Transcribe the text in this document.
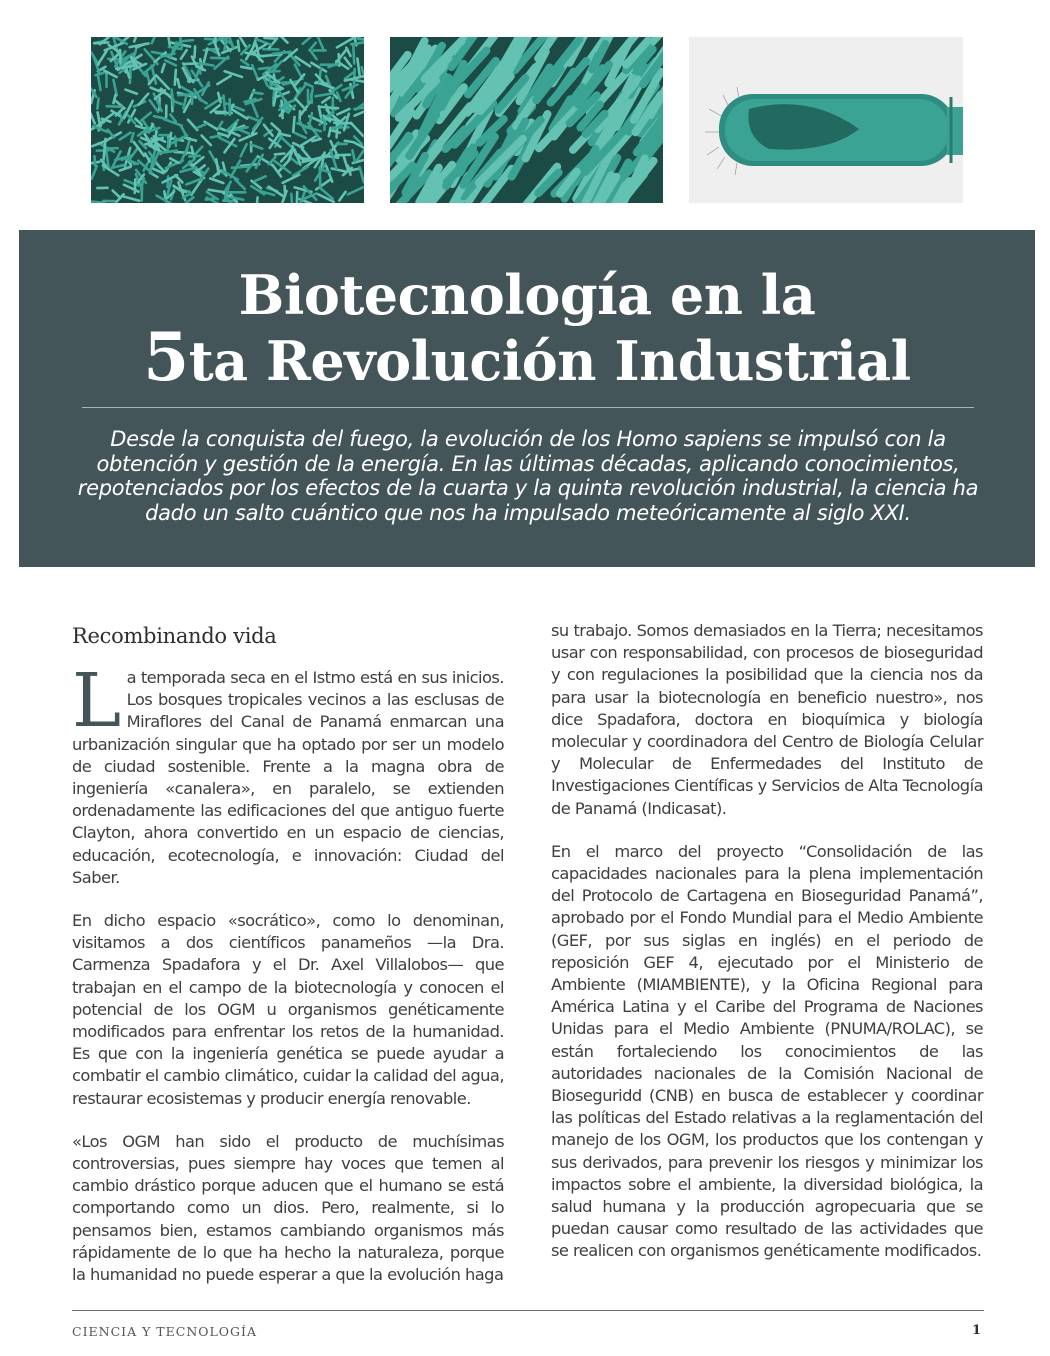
Biotecnología en la
5ta Revolución Industrial

Desde la conquista del fuego, la evolución de los Homo sapiens se impulsó con la obtención y gestión de la energía. En las últimas décadas, aplicando conocimientos, repotenciados por los efectos de la cuarta y la quinta revolución industrial, la ciencia ha dado un salto cuántico que nos ha impulsado meteóricamente al siglo XXI.

Recombinando vida

La temporada seca en el Istmo está en sus inicios. Los bosques tropicales vecinos a las esclusas de Miraflores del Canal de Panamá enmarcan una urbanización singular que ha optado por ser un modelo de ciudad sostenible. Frente a la magna obra de ingeniería «canalera», en paralelo, se extienden ordenadamente las edificaciones del que antiguo fuerte Clayton, ahora convertido en un espacio de ciencias, educación, ecotecnología, e innovación: Ciudad del Saber.

En dicho espacio «socrático», como lo denominan, visitamos a dos científicos panameños —la Dra. Carmenza Spadafora y el Dr. Axel Villalobos— que trabajan en el campo de la biotecnología y conocen el potencial de los OGM u organismos genéticamente modificados para enfrentar los retos de la humanidad. Es que con la ingeniería genética se puede ayudar a combatir el cambio climático, cuidar la calidad del agua, restaurar ecosistemas y producir energía renovable.

«Los OGM han sido el producto de muchísimas controversias, pues siempre hay voces que temen al cambio drástico porque aducen que el humano se está comportando como un dios. Pero, realmente, si lo pensamos bien, estamos cambiando organismos más rápidamente de lo que ha hecho la naturaleza, porque la humanidad no puede esperar a que la evolución haga

su trabajo. Somos demasiados en la Tierra; necesitamos usar con responsabilidad, con procesos de bioseguridad y con regulaciones la posibilidad que la ciencia nos da para usar la biotecnología en beneficio nuestro», nos dice Spadafora, doctora en bioquímica y biología molecular y coordinadora del Centro de Biología Celular y Molecular de Enfermedades del Instituto de Investigaciones Científicas y Servicios de Alta Tecnología de Panamá (Indicasat).

En el marco del proyecto “Consolidación de las capacidades nacionales para la plena implementación del Protocolo de Cartagena en Bioseguridad Panamá”, aprobado por el Fondo Mundial para el Medio Ambiente (GEF, por sus siglas en inglés) en el periodo de reposición GEF 4, ejecutado por el Ministerio de Ambiente (MIAMBIENTE), y la Oficina Regional para América Latina y el Caribe del Programa de Naciones Unidas para el Medio Ambiente (PNUMA/ROLAC), se están fortaleciendo los conocimientos de las autoridades nacionales de la Comisión Nacional de Bioseguridd (CNB) en busca de establecer y coordinar las políticas del Estado relativas a la reglamentación del manejo de los OGM, los productos que los contengan y sus derivados, para prevenir los riesgos y minimizar los impactos sobre el ambiente, la diversidad biológica, la salud humana y la producción agropecuaria que se puedan causar como resultado de las actividades que se realicen con organismos genéticamente modificados.

CIENCIA Y TECNOLOGÍA	1
